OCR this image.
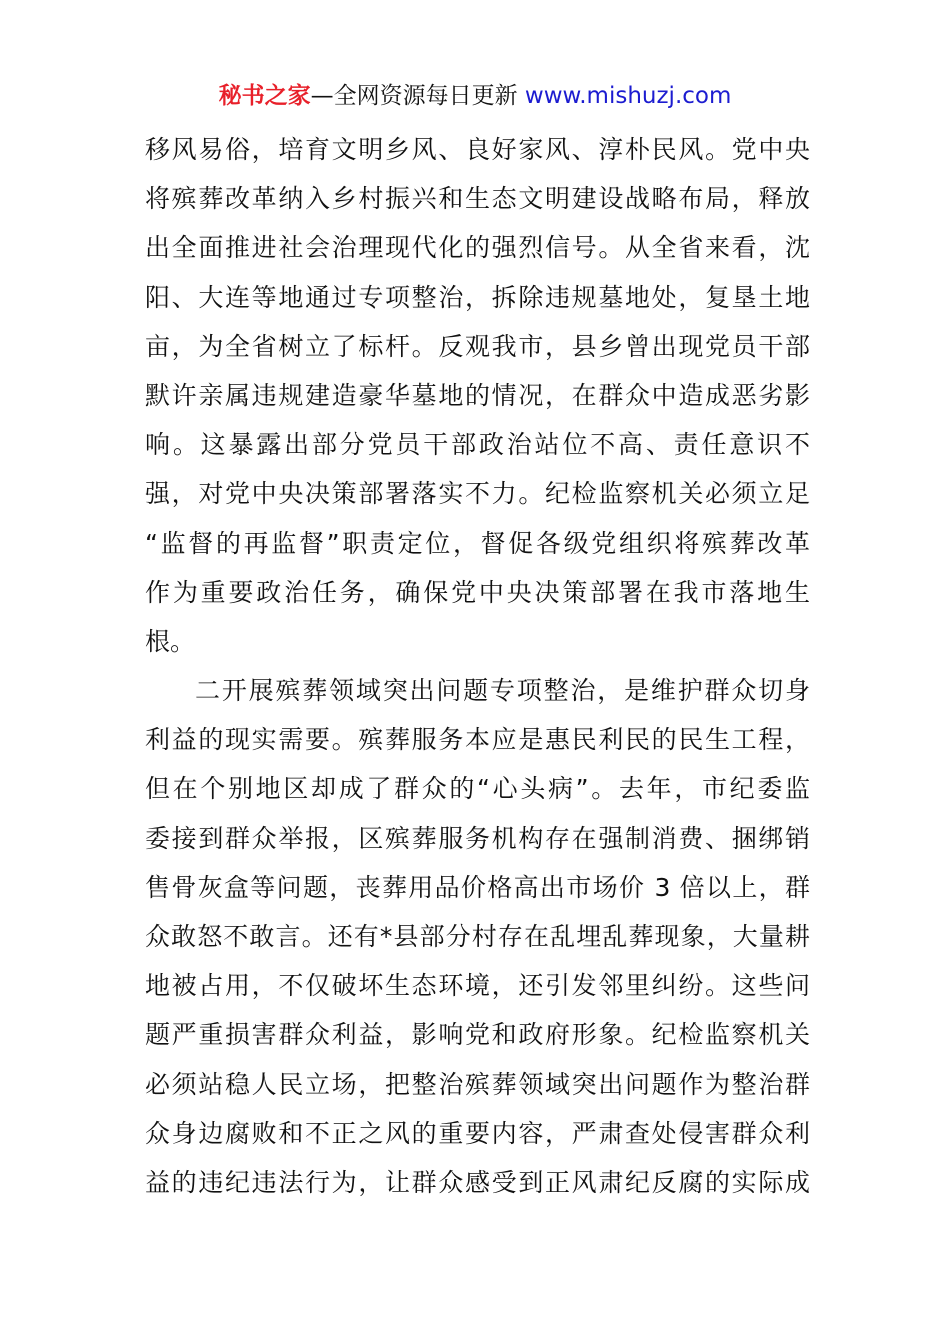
秘书之家—全网资源每日更新 www.mishuzj.com
移风易俗，培育文明乡风、良好家风、淳朴民风。党中央
将殡葬改革纳入乡村振兴和生态文明建设战略布局，释放
出全面推进社会治理现代化的强烈信号。从全省来看，沈
阳、大连等地通过专项整治，拆除违规墓地处，复垦土地
亩，为全省树立了标杆。反观我市，县乡曾出现党员干部
默许亲属违规建造豪华墓地的情况，在群众中造成恶劣影
响。这暴露出部分党员干部政治站位不高、责任意识不
强，对党中央决策部署落实不力。纪检监察机关必须立足
“监督的再监督”职责定位，督促各级党组织将殡葬改革
作为重要政治任务，确保党中央决策部署在我市落地生
根。
二开展殡葬领域突出问题专项整治，是维护群众切身
利益的现实需要。殡葬服务本应是惠民利民的民生工程，
但在个别地区却成了群众的“心头病”。去年，市纪委监
委接到群众举报，区殡葬服务机构存在强制消费、捆绑销
售骨灰盒等问题，丧葬用品价格高出市场价 3 倍以上，群
众敢怒不敢言。还有*县部分村存在乱埋乱葬现象，大量耕
地被占用，不仅破坏生态环境，还引发邻里纠纷。这些问
题严重损害群众利益，影响党和政府形象。纪检监察机关
必须站稳人民立场，把整治殡葬领域突出问题作为整治群
众身边腐败和不正之风的重要内容，严肃查处侵害群众利
益的违纪违法行为，让群众感受到正风肃纪反腐的实际成
